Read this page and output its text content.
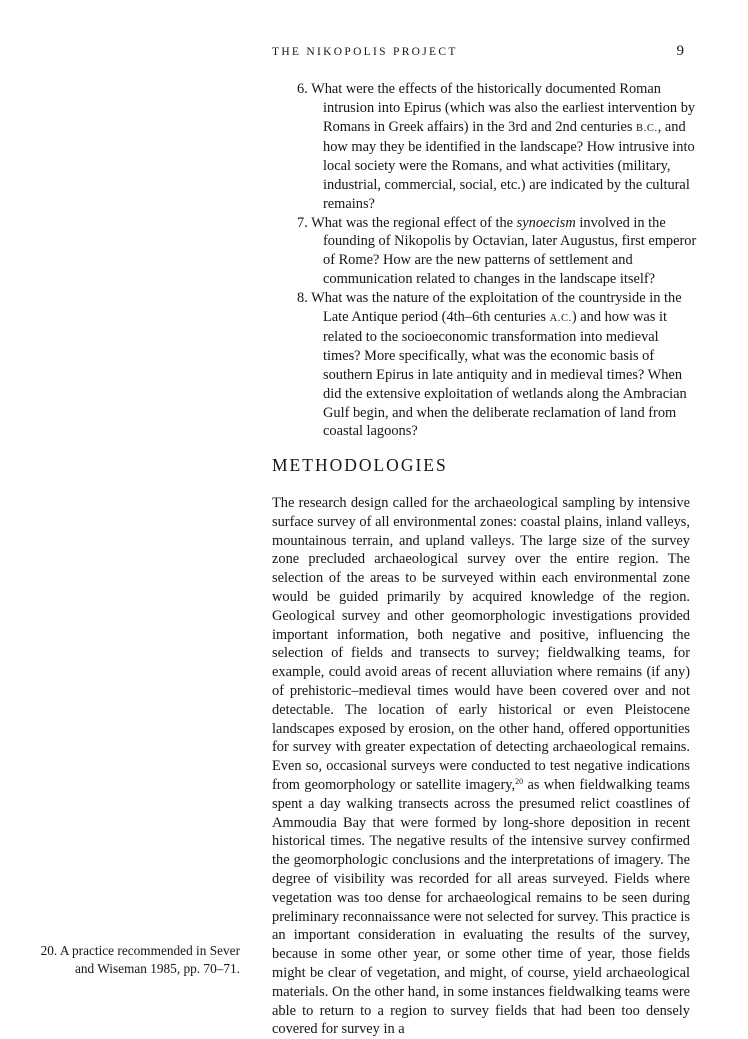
THE NIKOPOLIS PROJECT	9
6. What were the effects of the historically documented Roman intrusion into Epirus (which was also the earliest intervention by Romans in Greek affairs) in the 3rd and 2nd centuries B.C., and how may they be identified in the landscape? How intrusive into local society were the Romans, and what activities (military, industrial, commercial, social, etc.) are indicated by the cultural remains?
7. What was the regional effect of the synoecism involved in the founding of Nikopolis by Octavian, later Augustus, first emperor of Rome? How are the new patterns of settlement and communication related to changes in the landscape itself?
8. What was the nature of the exploitation of the countryside in the Late Antique period (4th–6th centuries A.C.) and how was it related to the socioeconomic transformation into medieval times? More specifically, what was the economic basis of southern Epirus in late antiquity and in medieval times? When did the extensive exploitation of wetlands along the Ambracian Gulf begin, and when the deliberate reclamation of land from coastal lagoons?
METHODOLOGIES

The research design called for the archaeological sampling by intensive surface survey of all environmental zones: coastal plains, inland valleys, mountainous terrain, and upland valleys. The large size of the survey zone precluded archaeological survey over the entire region. The selection of the areas to be surveyed within each environmental zone would be guided primarily by acquired knowledge of the region. Geological survey and other geomorphologic investigations provided important information, both negative and positive, influencing the selection of fields and transects to survey; fieldwalking teams, for example, could avoid areas of recent alluviation where remains (if any) of prehistoric–medieval times would have been covered over and not detectable. The location of early historical or even Pleistocene landscapes exposed by erosion, on the other hand, offered opportunities for survey with greater expectation of detecting archaeological remains. Even so, occasional surveys were conducted to test negative indications from geomorphology or satellite imagery,$^{20}$ as when fieldwalking teams spent a day walking transects across the presumed relict coastlines of Ammoudia Bay that were formed by long-shore deposition in recent historical times. The negative results of the intensive survey confirmed the geomorphologic conclusions and the interpretations of imagery. The degree of visibility was recorded for all areas surveyed. Fields where vegetation was too dense for archaeological remains to be seen during preliminary reconnaissance were not selected for survey. This practice is an important consideration in evaluating the results of the survey, because in some other year, or some other time of year, those fields might be clear of vegetation, and might, of course, yield archaeological materials. On the other hand, in some instances fieldwalking teams were able to return to a region to survey fields that had been too densely covered for survey in a

20. A practice recommended in Sever and Wiseman 1985, pp. 70–71.
